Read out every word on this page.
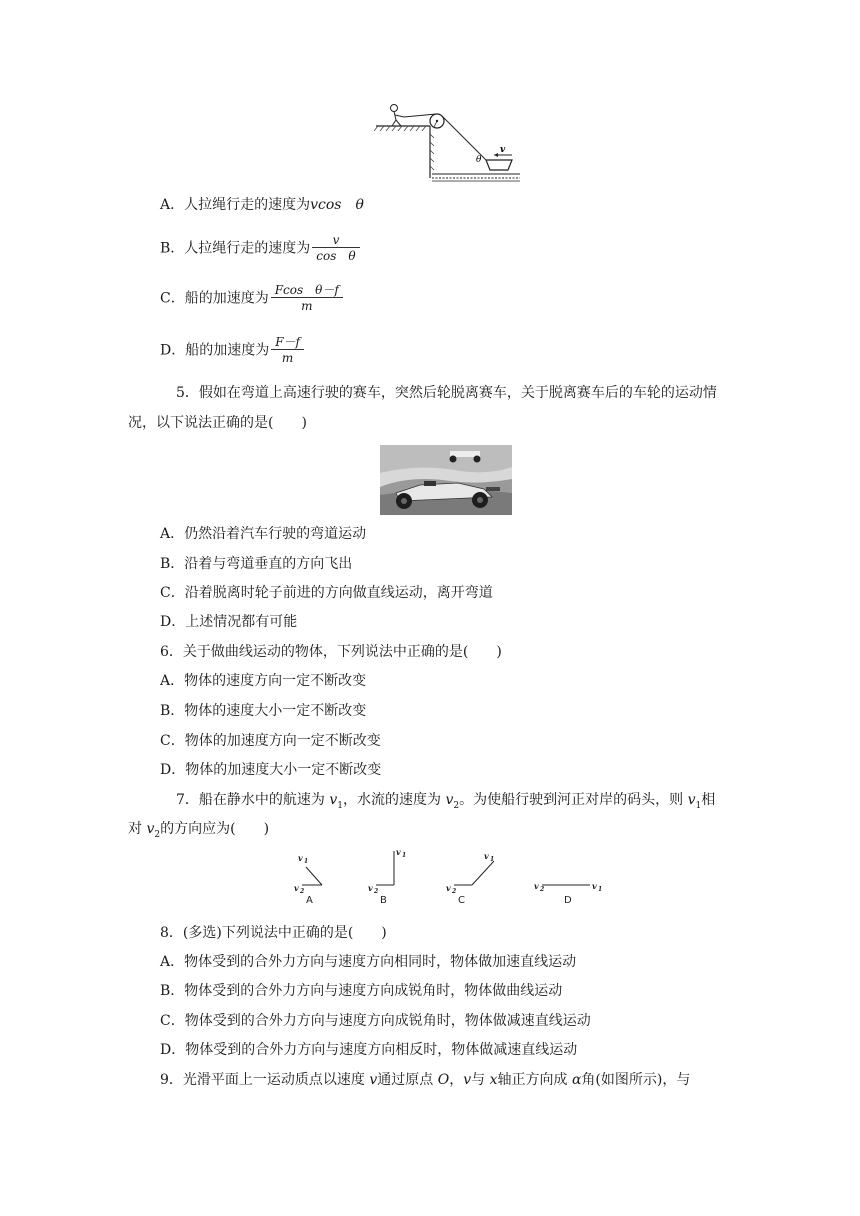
v
θ
A．人拉绳行走的速度为vcos　θ
B．人拉绳行走的速度为 $\frac{v}{\text{cos　θ}}$
C．船的加速度为 $\frac{\text{Fcos　θ－f}}{m}$
D．船的加速度为 $\frac{F-f}{m}$
5．假如在弯道上高速行驶的赛车，突然后轮脱离赛车，关于脱离赛车后的车轮的运动情
况，以下说法正确的是(　　)
A．仍然沿着汽车行驶的弯道运动
B．沿着与弯道垂直的方向飞出
C．沿着脱离时轮子前进的方向做直线运动，离开弯道
D．上述情况都有可能
6．关于做曲线运动的物体，下列说法中正确的是(　　)
A．物体的速度方向一定不断改变
B．物体的速度大小一定不断改变
C．物体的加速度方向一定不断改变
D．物体的加速度大小一定不断改变
7．船在静水中的航速为 $v_1$，水流的速度为 $v_2$。为使船行驶到河正对岸的码头，则 $v_1$相
对 $v_2$的方向应为(　　)
v 1
v 2
v 1
v 2
v 1
v 2
v 2	v 1
A	B	C	D
8．(多选)下列说法中正确的是(　　)
A．物体受到的合外力方向与速度方向相同时，物体做加速直线运动
B．物体受到的合外力方向与速度方向成锐角时，物体做曲线运动
C．物体受到的合外力方向与速度方向成锐角时，物体做减速直线运动
D．物体受到的合外力方向与速度方向相反时，物体做减速直线运动
9．光滑平面上一运动质点以速度 v通过原点 O，v与 x轴正方向成 α角(如图所示)，与
